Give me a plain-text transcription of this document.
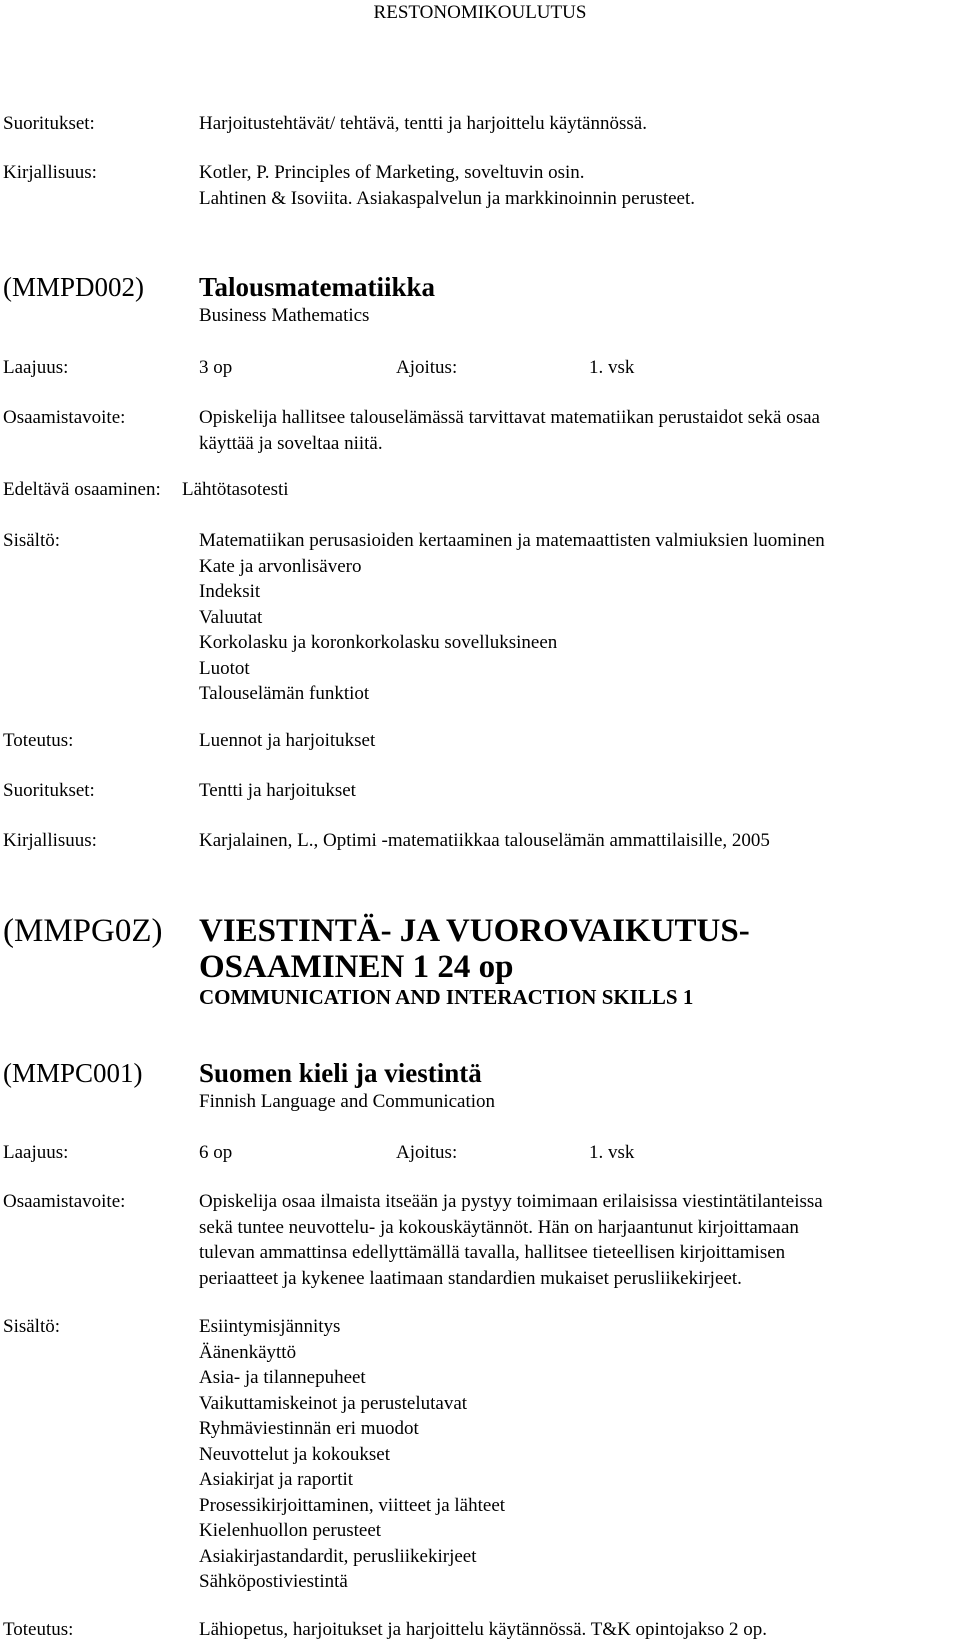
RESTONOMIKOULUTUS
Suoritukset:	Harjoitustehtävät/ tehtävä, tentti ja harjoittelu käytännössä.
Kirjallisuus:	Kotler, P. Principles of Marketing, soveltuvin osin.
Lahtinen & Isoviita. Asiakaspalvelun ja markkinoinnin perusteet.
(MMPD002) Talousmatematiikka
Business Mathematics
Laajuus:	3 op	Ajoitus:	1. vsk
Osaamistavoite:	Opiskelija hallitsee talouselämässä tarvittavat matematiikan perustaidot sekä osaa
käyttää ja soveltaa niitä.
Edeltävä osaaminen: Lähtötasotesti
Sisältö:	Matematiikan perusasioiden kertaaminen ja matemaattisten valmiuksien luominen
Kate ja arvonlisävero
Indeksit
Valuutat
Korkolasku ja koronkorkolasku sovelluksineen
Luotot
Talouselämän funktiot
Toteutus:	Luennot ja harjoitukset
Suoritukset:	Tentti ja harjoitukset
Kirjallisuus:	Karjalainen, L., Optimi -matematiikkaa talouselämän ammattilaisille, 2005
(MMPG0Z) VIESTINTÄ- JA VUOROVAIKUTUS-
OSAAMINEN 1 24 op
COMMUNICATION AND INTERACTION SKILLS 1
(MMPC001) Suomen kieli ja viestintä
Finnish Language and Communication
Laajuus:	6 op	Ajoitus:	1. vsk
Osaamistavoite:	Opiskelija osaa ilmaista itseään ja pystyy toimimaan erilaisissa viestintätilanteissa
sekä tuntee neuvottelu- ja kokouskäytännöt. Hän on harjaantunut kirjoittamaan
tulevan ammattinsa edellyttämällä tavalla, hallitsee tieteellisen kirjoittamisen
periaatteet ja kykenee laatimaan standardien mukaiset perusliikekirjeet.
Sisältö:	Esiintymisjännitys
Äänenkäyttö
Asia- ja tilannepuheet
Vaikuttamiskeinot ja perustelutavat
Ryhmäviestinnän eri muodot
Neuvottelut ja kokoukset
Asiakirjat ja raportit
Prosessikirjoittaminen, viitteet ja lähteet
Kielenhuollon perusteet
Asiakirjastandardit, perusliikekirjeet
Sähköpostiviestintä
Toteutus:	Lähiopetus, harjoitukset ja harjoittelu käytännössä. T&K opintojakso 2 op.
